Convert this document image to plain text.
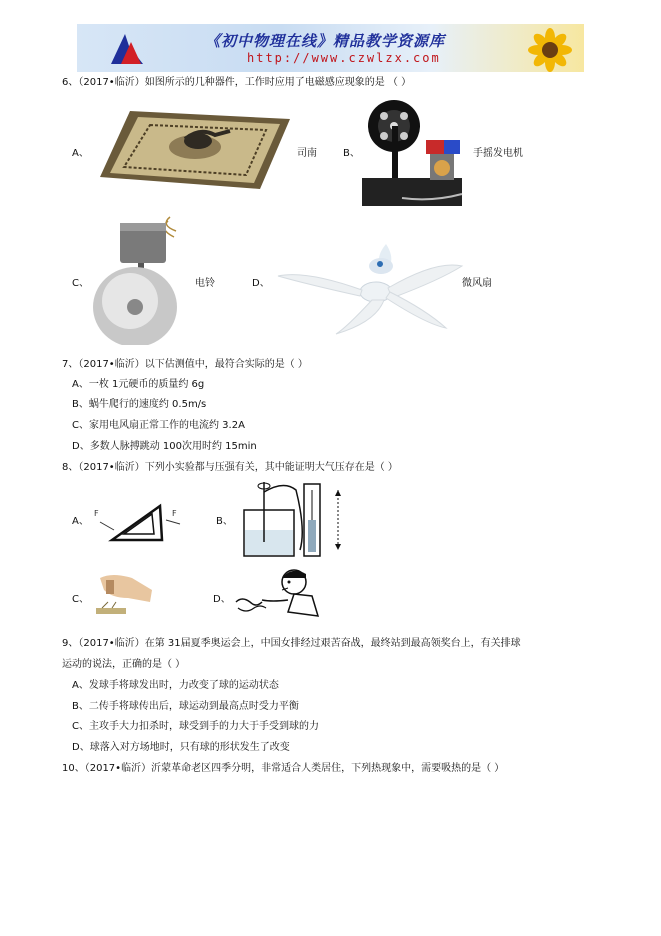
《初中物理在线》精品教学资源库
http://www.czwlzx.com
6、（2017•临沂）如图所示的几种器件，工作时应用了电磁感应现象的是 （ ）
A、	司南	B、	手摇发电机
C、	电铃	D、	微风扇
7、（2017•临沂）以下估测值中，最符合实际的是（ ）
A、一枚 1元硬币的质量约 6g
B、蜗牛爬行的速度约 0.5m/s
C、家用电风扇正常工作的电流约 3.2A
D、多数人脉搏跳动 100次用时约 15min
8、（2017•临沂）下列小实验都与压强有关，其中能证明大气压存在是（ ）
A、
F	F
B、
C、	D、
9、（2017•临沂）在第 31届夏季奥运会上，中国女排经过艰苦奋战，最终站到最高领奖台上，有关排球
运动的说法，正确的是（ ）
A、发球手将球发出时，力改变了球的运动状态
B、二传手将球传出后，球运动到最高点时受力平衡
C、主攻手大力扣杀时，球受到手的力大于手受到球的力
D、球落入对方场地时，只有球的形状发生了改变
10、（2017•临沂）沂蒙革命老区四季分明，非常适合人类居住，下列热现象中，需要吸热的是（ ）
